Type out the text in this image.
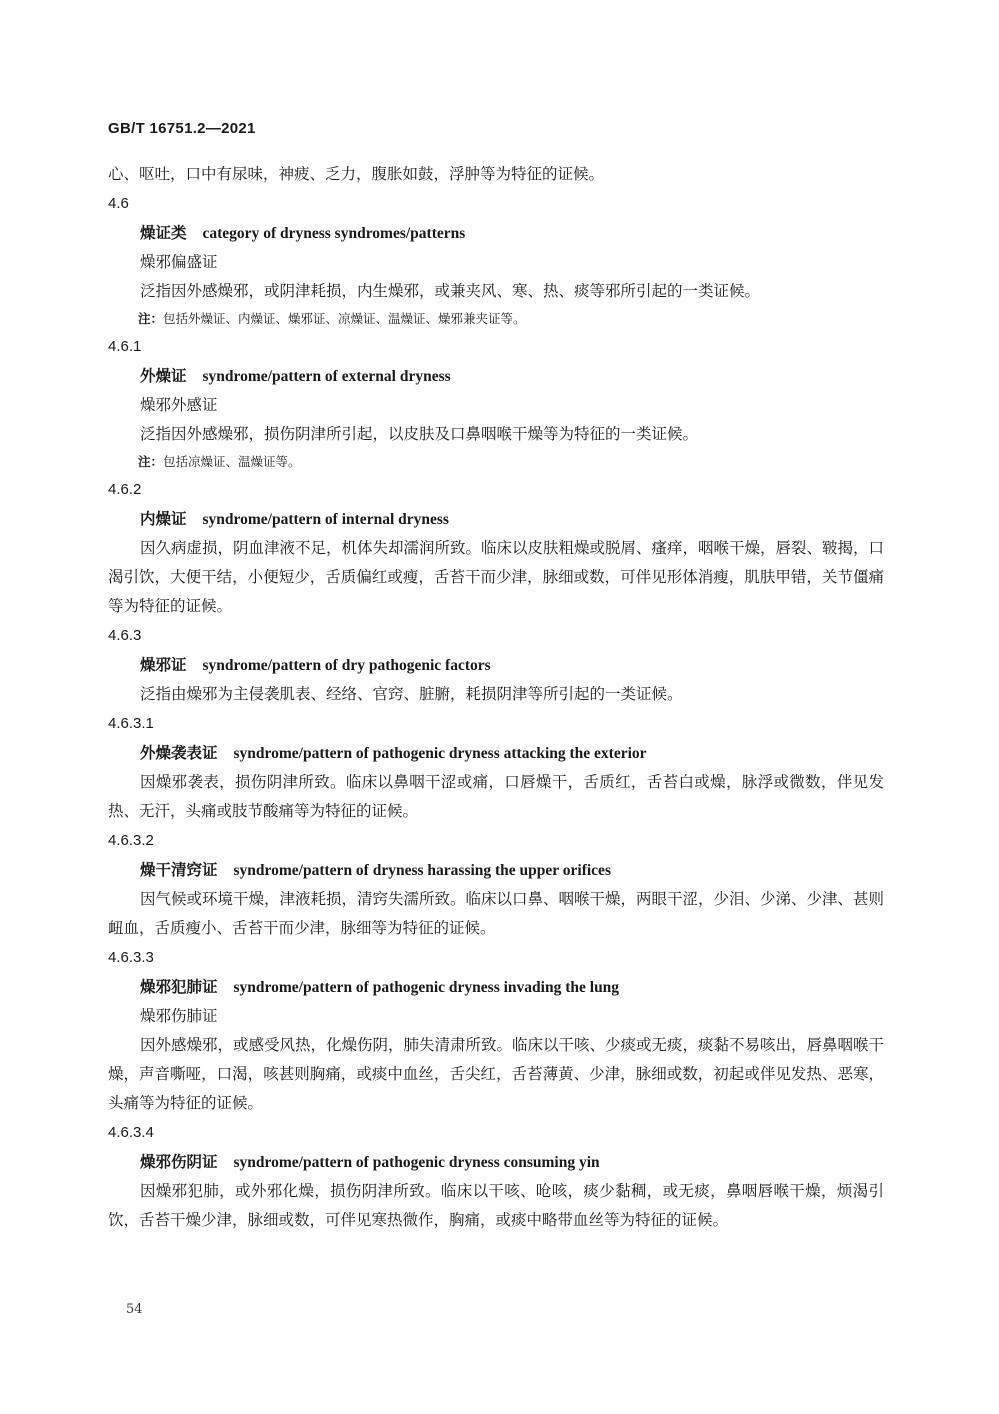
GB/T 16751.2—2021

心、呕吐，口中有尿味，神疲、乏力，腹胀如鼓，浮肿等为特征的证候。

4.6

燥证类 category of dryness syndromes/patterns

燥邪偏盛证

泛指因外感燥邪，或阴津耗损，内生燥邪，或兼夹风、寒、热、痰等邪所引起的一类证候。

注：包括外燥证、内燥证、燥邪证、凉燥证、温燥证、燥邪兼夹证等。

4.6.1

外燥证 syndrome/pattern of external dryness

燥邪外感证

泛指因外感燥邪，损伤阴津所引起，以皮肤及口鼻咽喉干燥等为特征的一类证候。

注：包括凉燥证、温燥证等。

4.6.2

内燥证 syndrome/pattern of internal dryness

因久病虚损，阴血津液不足，机体失却濡润所致。临床以皮肤粗燥或脱屑、瘙痒，咽喉干燥，唇裂、皲揭，口渴引饮，大便干结，小便短少，舌质偏红或瘦，舌苔干而少津，脉细或数，可伴见形体消瘦，肌肤甲错，关节僵痛等为特征的证候。

4.6.3

燥邪证 syndrome/pattern of dry pathogenic factors

泛指由燥邪为主侵袭肌表、经络、官窍、脏腑，耗损阴津等所引起的一类证候。

4.6.3.1

外燥袭表证 syndrome/pattern of pathogenic dryness attacking the exterior

因燥邪袭表，损伤阴津所致。临床以鼻咽干涩或痛，口唇燥干，舌质红，舌苔白或燥，脉浮或微数，伴见发热、无汗，头痛或肢节酸痛等为特征的证候。

4.6.3.2

燥干清窍证 syndrome/pattern of dryness harassing the upper orifices

因气候或环境干燥，津液耗损，清窍失濡所致。临床以口鼻、咽喉干燥，两眼干涩，少泪、少涕、少津、甚则衄血，舌质瘦小、舌苔干而少津，脉细等为特征的证候。

4.6.3.3

燥邪犯肺证 syndrome/pattern of pathogenic dryness invading the lung

燥邪伤肺证

因外感燥邪，或感受风热，化燥伤阴，肺失清肃所致。临床以干咳、少痰或无痰，痰黏不易咳出，唇鼻咽喉干燥，声音嘶哑，口渴，咳甚则胸痛，或痰中血丝，舌尖红，舌苔薄黄、少津，脉细或数，初起或伴见发热、恶寒，头痛等为特征的证候。

4.6.3.4

燥邪伤阴证 syndrome/pattern of pathogenic dryness consuming yin

因燥邪犯肺，或外邪化燥，损伤阴津所致。临床以干咳、呛咳，痰少黏稠，或无痰，鼻咽唇喉干燥，烦渴引饮，舌苔干燥少津，脉细或数，可伴见寒热微作，胸痛，或痰中略带血丝等为特征的证候。

54
